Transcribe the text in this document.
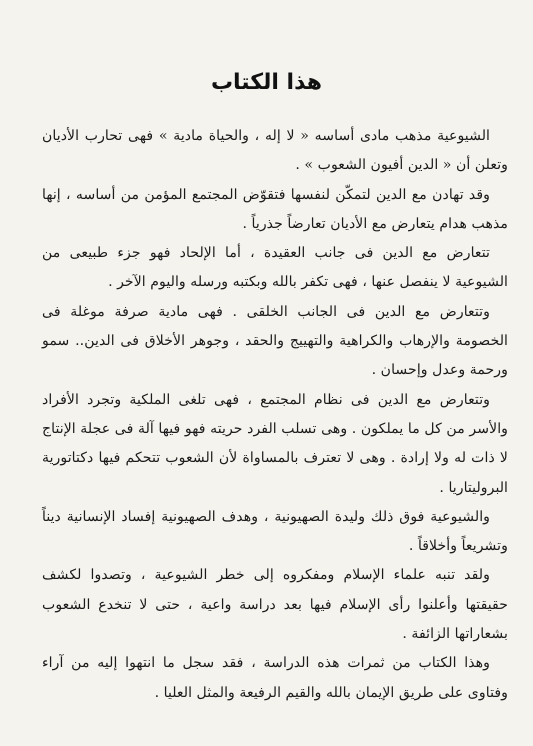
هذا الكتاب

الشيوعية مذهب مادى أساسه « لا إله ، والحياة مادية » فهى تحارب الأديان وتعلن أن « الدين أفيون الشعوب » .

وقد تهادن مع الدين لتمكّن لنفسها فتقوّض المجتمع المؤمن من أساسه ، إنها مذهب هدام يتعارض مع الأديان تعارضاً جذرياً .

تتعارض مع الدين فى جانب العقيدة ، أما الإلحاد فهو جزء طبيعى من الشيوعية لا ينفصل عنها ، فهى تكفر بالله وبكتبه ورسله واليوم الآخر .

وتتعارض مع الدين فى الجانب الخلقى . فهى مادية صرفة موغلة فى الخصومة والإرهاب والكراهية والتهييج والحقد ، وجوهر الأخلاق فى الدين.. سمو ورحمة وعدل وإحسان .

وتتعارض مع الدين فى نظام المجتمع ، فهى تلغى الملكية وتجرد الأفراد والأسر من كل ما يملكون . وهى تسلب الفرد حريته فهو فيها آلة فى عجلة الإنتاج لا ذات له ولا إرادة . وهى لا تعترف بالمساواة لأن الشعوب تتحكم فيها دكتاتورية البروليتاريا .

والشيوعية فوق ذلك وليدة الصهيونية ، وهدف الصهيونية إفساد الإنسانية ديناً وتشريعاً وأخلاقاً .

ولقد تنبه علماء الإسلام ومفكروه إلى خطر الشيوعية ، وتصدوا لكشف حقيقتها وأعلنوا رأى الإسلام فيها بعد دراسة واعية ، حتى لا تنخدع الشعوب بشعاراتها الزائفة .

وهذا الكتاب من ثمرات هذه الدراسة ، فقد سجل ما انتهوا إليه من آراء وفتاوى على طريق الإيمان بالله والقيم الرفيعة والمثل العليا .
